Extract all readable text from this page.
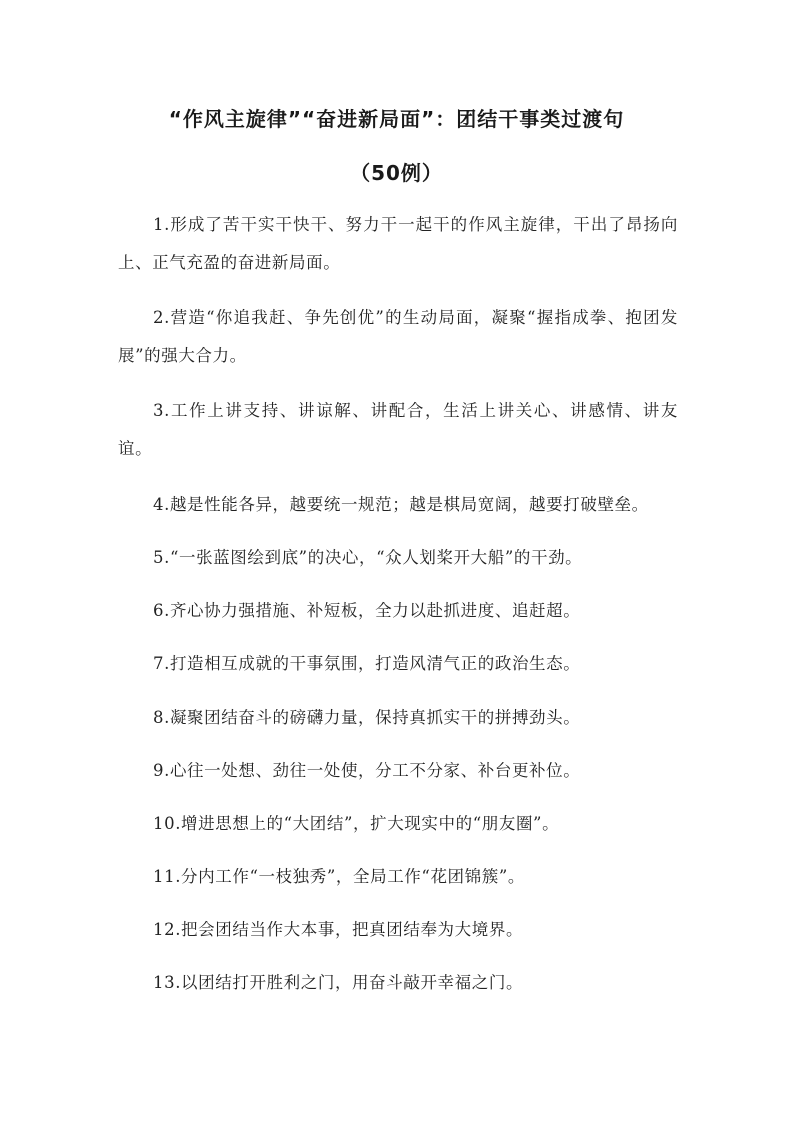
“作风主旋律”“奋进新局面”：团结干事类过渡句
（50例）
1.形成了苦干实干快干、努力干一起干的作风主旋律，干出了昂扬向上、正气充盈的奋进新局面。
2.营造“你追我赶、争先创优”的生动局面，凝聚“握指成拳、抱团发展”的强大合力。
3.工作上讲支持、讲谅解、讲配合，生活上讲关心、讲感情、讲友谊。
4.越是性能各异，越要统一规范；越是棋局宽阔，越要打破壁垒。
5.“一张蓝图绘到底”的决心，“众人划桨开大船”的干劲。
6.齐心协力强措施、补短板，全力以赴抓进度、追赶超。
7.打造相互成就的干事氛围，打造风清气正的政治生态。
8.凝聚团结奋斗的磅礴力量，保持真抓实干的拼搏劲头。
9.心往一处想、劲往一处使，分工不分家、补台更补位。
10.增进思想上的“大团结”，扩大现实中的“朋友圈”。
11.分内工作“一枝独秀”，全局工作“花团锦簇”。
12.把会团结当作大本事，把真团结奉为大境界。
13.以团结打开胜利之门，用奋斗敲开幸福之门。
